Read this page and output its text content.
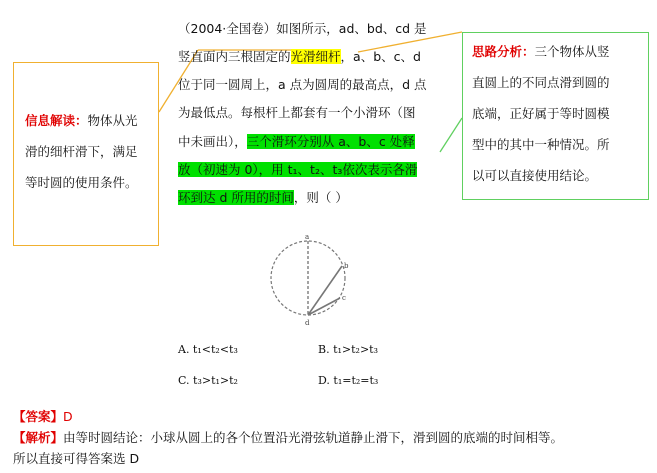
（2004·全国卷）如图所示，ad、bd、cd 是
竖直面内三根固定的光滑细杆，a、b、c、d
位于同一圆周上，a 点为圆周的最高点，d 点
为最低点。每根杆上都套有一个小滑环（图
中未画出），三个滑环分别从 a、b、c 处释
放（初速为 0），用 t₁、t₂、t₃依次表示各滑
环到达 d 所用的时间，则（ ）
信息解读：物体从光
滑的细杆滑下，满足
等时圆的使用条件。
思路分析：三个物体从竖
直圆上的不同点滑到圆的
底端，正好属于等时圆模
型中的其中一种情况。所
以可以直接使用结论。
a
b
c
d
A. t₁<t₂<t₃	B. t₁>t₂>t₃
C. t₃>t₁>t₂	D. t₁=t₂=t₃
【答案】D
【解析】由等时圆结论：小球从圆上的各个位置沿光滑弦轨道静止滑下，滑到圆的底端的时间相等。
所以直接可得答案选 D
